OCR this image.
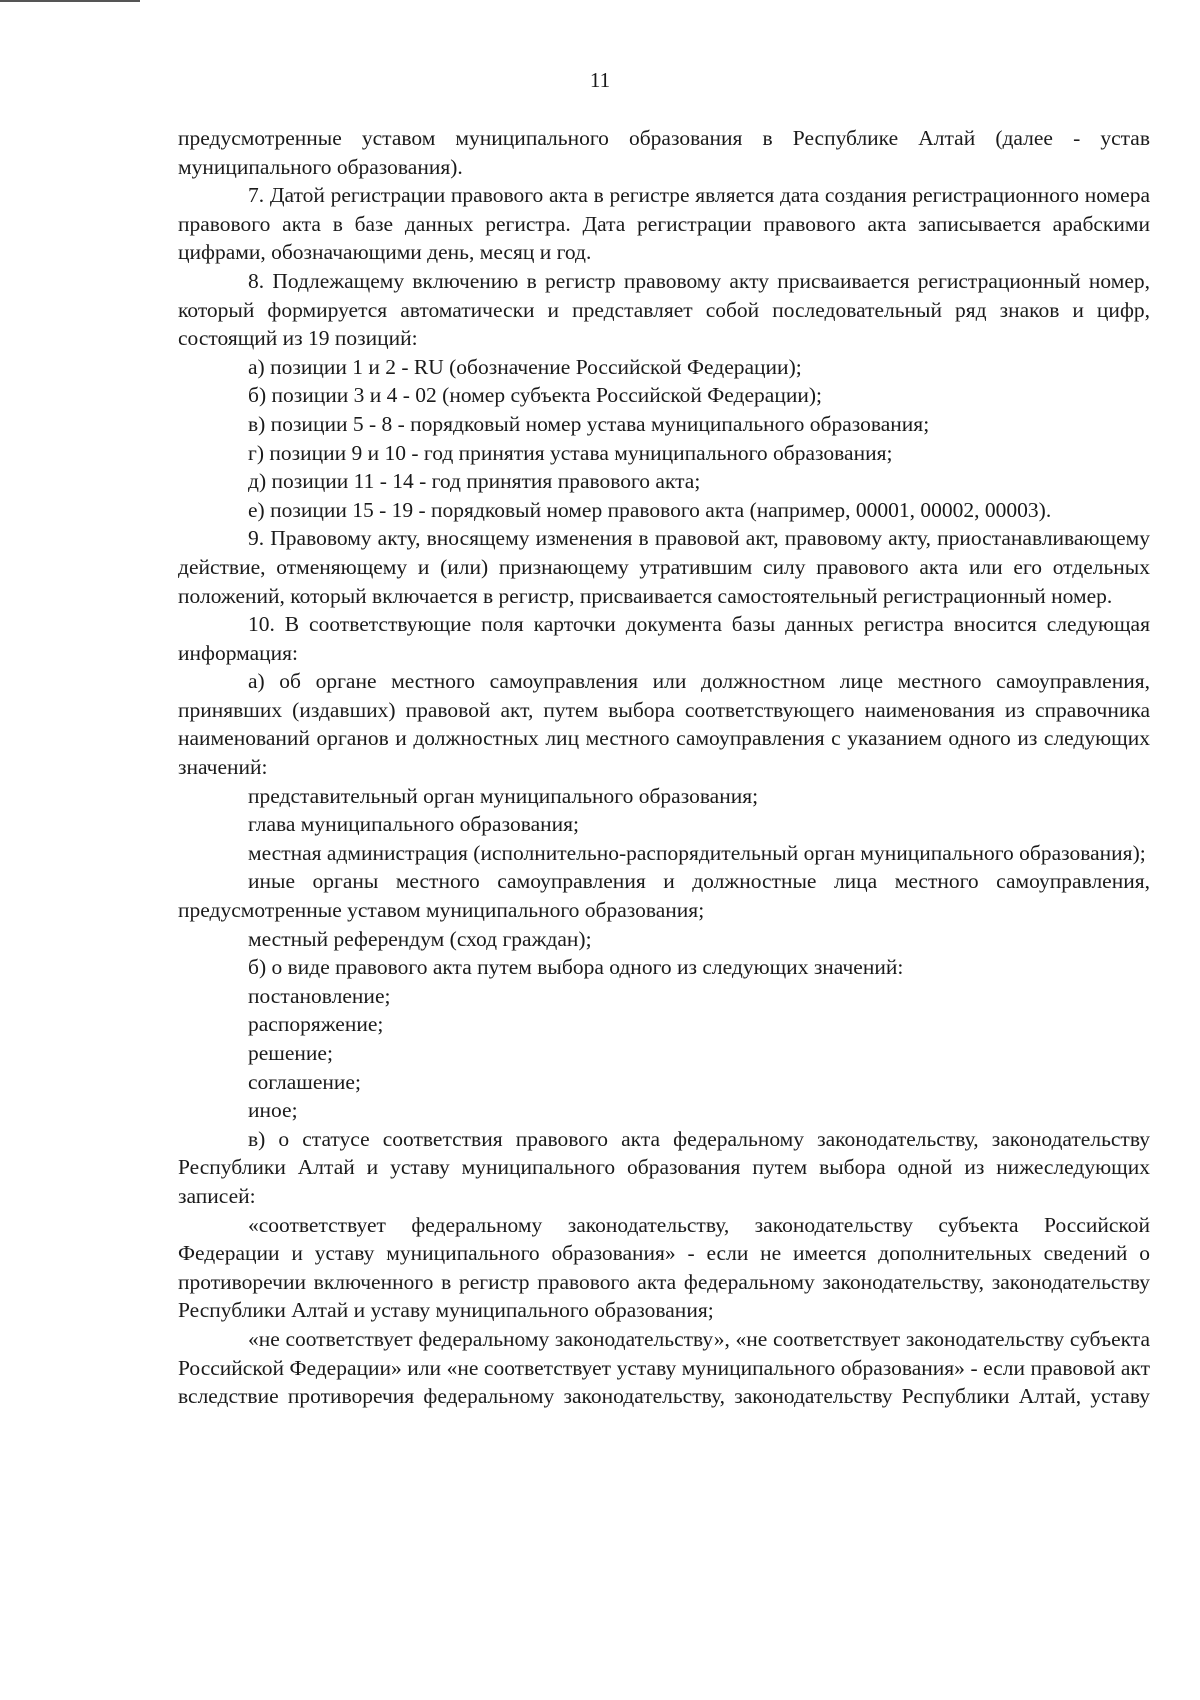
11

предусмотренные уставом муниципального образования в Республике Алтай (далее - устав муниципального образования).

7. Датой регистрации правового акта в регистре является дата создания регистрационного номера правового акта в базе данных регистра. Дата регистрации правового акта записывается арабскими цифрами, обозначающими день, месяц и год.

8. Подлежащему включению в регистр правовому акту присваивается регистрационный номер, который формируется автоматически и представляет собой последовательный ряд знаков и цифр, состоящий из 19 позиций:

а) позиции 1 и 2 - RU (обозначение Российской Федерации);

б) позиции 3 и 4 - 02 (номер субъекта Российской Федерации);

в) позиции 5 - 8 - порядковый номер устава муниципального образования;

г) позиции 9 и 10 - год принятия устава муниципального образования;

д) позиции 11 - 14 - год принятия правового акта;

е) позиции 15 - 19 - порядковый номер правового акта (например, 00001, 00002, 00003).

9. Правовому акту, вносящему изменения в правовой акт, правовому акту, приостанавливающему действие, отменяющему и (или) признающему утратившим силу правового акта или его отдельных положений, который включается в регистр, присваивается самостоятельный регистрационный номер.

10. В соответствующие поля карточки документа базы данных регистра вносится следующая информация:

а) об органе местного самоуправления или должностном лице местного самоуправления, принявших (издавших) правовой акт, путем выбора соответствующего наименования из справочника наименований органов и должностных лиц местного самоуправления с указанием одного из следующих значений:

представительный орган муниципального образования;

глава муниципального образования;

местная администрация (исполнительно-распорядительный орган муниципального образования);

иные органы местного самоуправления и должностные лица местного самоуправления, предусмотренные уставом муниципального образования;

местный референдум (сход граждан);

б) о виде правового акта путем выбора одного из следующих значений:

постановление;

распоряжение;

решение;

соглашение;

иное;

в) о статусе соответствия правового акта федеральному законодательству, законодательству Республики Алтай и уставу муниципального образования путем выбора одной из нижеследующих записей:

«соответствует федеральному законодательству, законодательству субъекта Российской Федерации и уставу муниципального образования» - если не имеется дополнительных сведений о противоречии включенного в регистр правового акта федеральному законодательству, законодательству Республики Алтай и уставу муниципального образования;

«не соответствует федеральному законодательству», «не соответствует законодательству субъекта Российской Федерации» или «не соответствует уставу муниципального образования» - если правовой акт вследствие противоречия федеральному законодательству, законодательству Республики Алтай, уставу
